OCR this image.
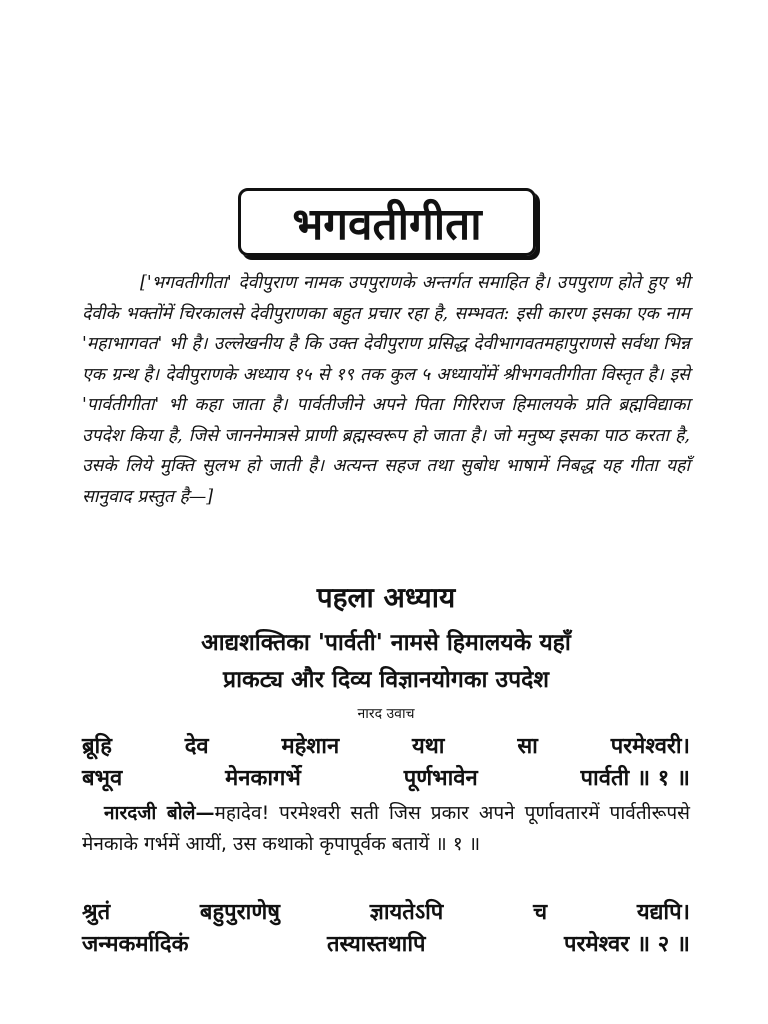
भगवतीगीता

['भगवतीगीता' देवीपुराण नामक उपपुराणके अन्तर्गत समाहित है। उपपुराण होते हुए भी देवीके भक्तोंमें चिरकालसे देवीपुराणका बहुत प्रचार रहा है, सम्भवत: इसी कारण इसका एक नाम 'महाभागवत' भी है। उल्लेखनीय है कि उक्त देवीपुराण प्रसिद्ध देवीभागवतमहापुराणसे सर्वथा भिन्न एक ग्रन्थ है। देवीपुराणके अध्याय १५ से १९ तक कुल ५ अध्यायोंमें श्रीभगवतीगीता विस्तृत है। इसे 'पार्वतीगीता' भी कहा जाता है। पार्वतीजीने अपने पिता गिरिराज हिमालयके प्रति ब्रह्मविद्याका उपदेश किया है, जिसे जाननेमात्रसे प्राणी ब्रह्मस्वरूप हो जाता है। जो मनुष्य इसका पाठ करता है, उसके लिये मुक्ति सुलभ हो जाती है। अत्यन्त सहज तथा सुबोध भाषामें निबद्ध यह गीता यहाँ सानुवाद प्रस्तुत है—]

पहला अध्याय
आद्यशक्तिका 'पार्वती' नामसे हिमालयके यहाँ
प्राकट्य और दिव्य विज्ञानयोगका उपदेश

नारद उवाच

ब्रूहि	देव	महेशान	यथा	सा	परमेश्वरी।
बभूव	मेनकागर्भे	पूर्णभावेन	पार्वती ॥ १ ॥

नारदजी बोले—महादेव! परमेश्वरी सती जिस प्रकार अपने पूर्णावतारमें पार्वतीरूपसे मेनकाके गर्भमें आयीं, उस कथाको कृपापूर्वक बतायें ॥ १ ॥

श्रुतं	बहुपुराणेषु	ज्ञायतेऽपि	च	यद्यपि।
जन्मकर्मादिकं	तस्यास्तथापि	परमेश्वर ॥ २ ॥
